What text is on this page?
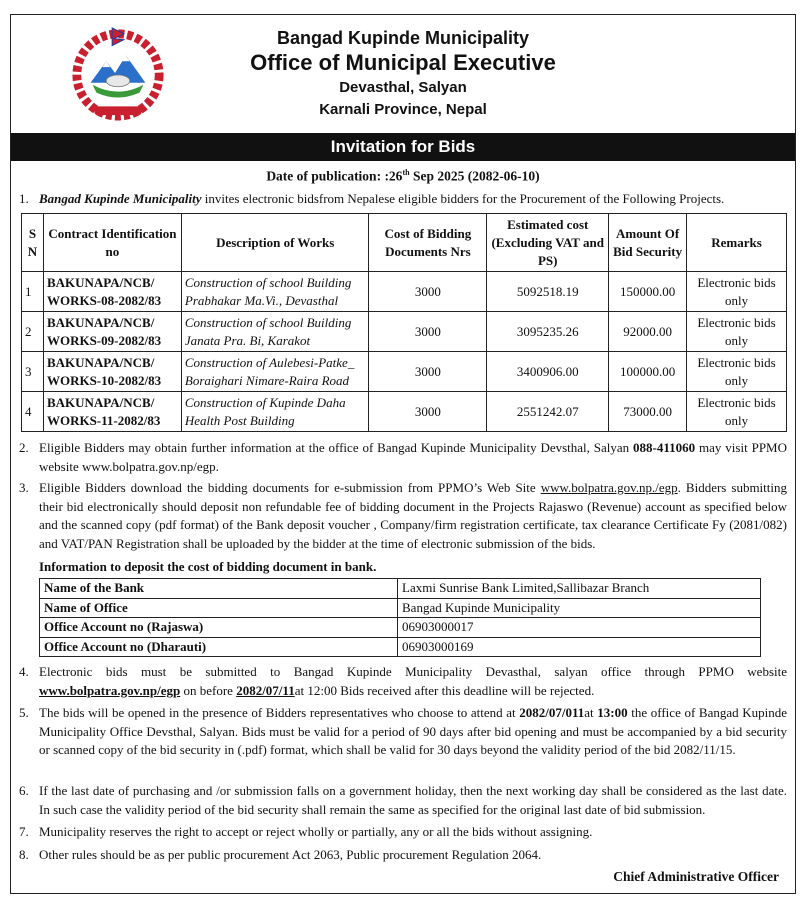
Bangad Kupinde Municipality
Office of Municipal Executive
Devasthal, Salyan
Karnali Province, Nepal
Invitation for Bids
Date of publication: :26th Sep 2025 (2082-06-10)
1. Bangad Kupinde Municipality invites electronic bidsfrom Nepalese eligible bidders for the Procurement of the Following Projects.
S N	Contract Identification no	Description of Works	Cost of Bidding Documents Nrs	Estimated cost (Excluding VAT and PS)	Amount Of Bid Security	Remarks
1	BAKUNAPA/NCB/ WORKS-08-2082/83	Construction of school Building Prabhakar Ma.Vi., Devasthal	3000	5092518.19	150000.00	Electronic bids only
2	BAKUNAPA/NCB/ WORKS-09-2082/83	Construction of school Building Janata Pra. Bi, Karakot	3000	3095235.26	92000.00	Electronic bids only
3	BAKUNAPA/NCB/ WORKS-10-2082/83	Construction of Aulebesi-Patke_ Boraighari Nimare-Raira Road	3000	3400906.00	100000.00	Electronic bids only
4	BAKUNAPA/NCB/ WORKS-11-2082/83	Construction of Kupinde Daha Health Post Building	3000	2551242.07	73000.00	Electronic bids only
2. Eligible Bidders may obtain further information at the office of Bangad Kupinde Municipality Devsthal, Salyan 088-411060 may visit PPMO website www.bolpatra.gov.np/egp.
3. Eligible Bidders download the bidding documents for e-submission from PPMO’s Web Site www.bolpatra.gov.np./egp. Bidders submitting their bid electronically should deposit non refundable fee of bidding document in the Projects Rajaswo (Revenue) account as specified below and the scanned copy (pdf format) of the Bank deposit voucher , Company/firm registration certificate, tax clearance Certificate Fy (2081/082) and VAT/PAN Registration shall be uploaded by the bidder at the time of electronic submission of the bids.
Information to deposit the cost of bidding document in bank.
Name of the Bank	Laxmi Sunrise Bank Limited,Sallibazar Branch
Name of Office	Bangad Kupinde Municipality
Office Account no (Rajaswa)	06903000017
Office Account no (Dharauti)	06903000169
4. Electronic bids must be submitted to Bangad Kupinde Municipality Devasthal, salyan office through PPMO website www.bolpatra.gov.np/egp on before 2082/07/11at 12:00 Bids received after this deadline will be rejected.
5. The bids will be opened in the presence of Bidders representatives who choose to attend at 2082/07/011at 13:00 the office of Bangad Kupinde Municipality Office Devsthal, Salyan. Bids must be valid for a period of 90 days after bid opening and must be accompanied by a bid security or scanned copy of the bid security in (.pdf) format, which shall be valid for 30 days beyond the validity period of the bid 2082/11/15.
6. If the last date of purchasing and /or submission falls on a government holiday, then the next working day shall be considered as the last date. In such case the validity period of the bid security shall remain the same as specified for the original last date of bid submission.
7. Municipality reserves the right to accept or reject wholly or partially, any or all the bids without assigning.
8. Other rules should be as per public procurement Act 2063, Public procurement Regulation 2064.
Chief Administrative Officer
